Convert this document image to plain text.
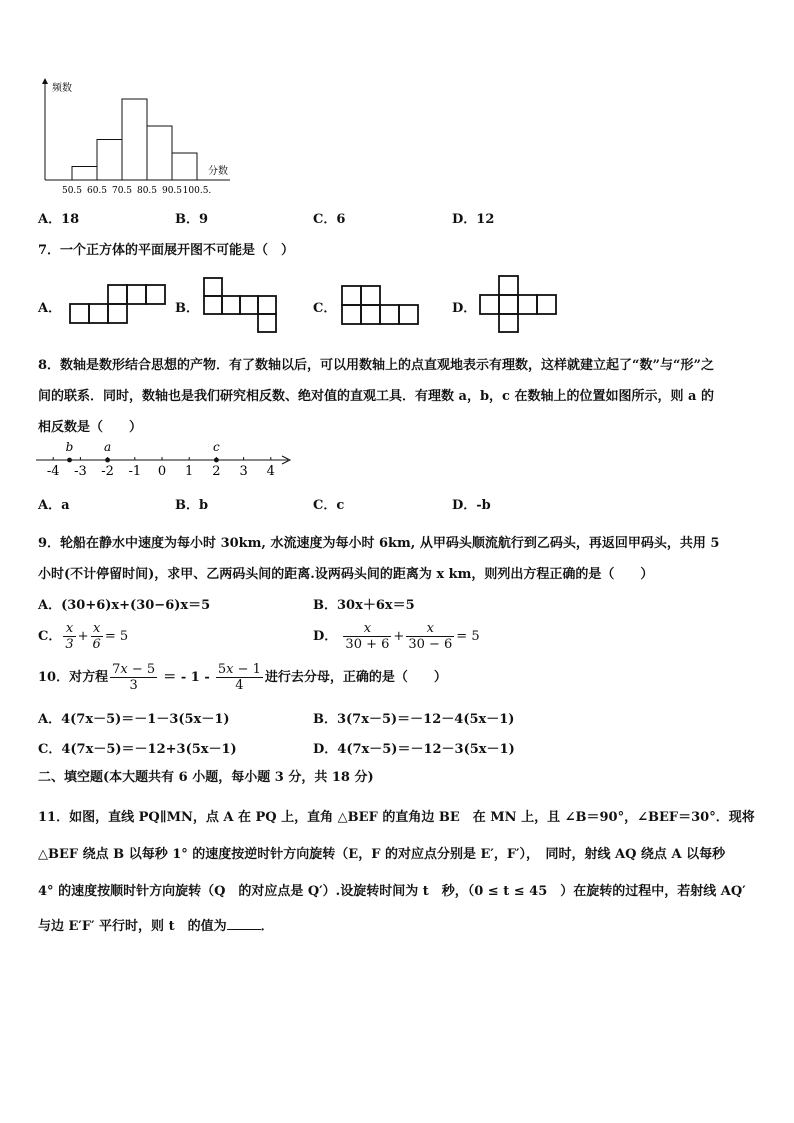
频数
分数
50.5 60.5 70.5 80.5 90.5 100.5.
A．18	B．9	C．6	D．12
7．一个正方体的平面展开图不可能是（　）
A．	B．	C．	D．
8．数轴是数形结合思想的产物．有了数轴以后，可以用数轴上的点直观地表示有理数，这样就建立起了“数”与“形”之
间的联系．同时，数轴也是我们研究相反数、绝对值的直观工具．有理数 a，b，c 在数轴上的位置如图所示，则 a 的
相反数是（　　）
-4 -3 -2 -1 0 1 2 3 4
b	a	c
A．a	B．b	C．c	D．-b
9．轮船在静水中速度为每小时 30km, 水流速度为每小时 6km, 从甲码头顺流航行到乙码头，再返回甲码头，共用 5
小时(不计停留时间)，求甲、乙两码头间的距离.设两码头间的距离为 x km，则列出方程正确的是（　　）
A．(30+6)x+(30−6)x＝5	B．30x＋6x＝5
C． $\frac{x}{3} + \frac{x}{6} = 5$	D． $\frac{x}{30 + 6} + \frac{x}{30 - 6} = 5$
10．对方程 $\frac{7x - 5}{3}$ ＝ - $1 - \frac{5x - 1}{4}$ 进行去分母，正确的是（　　）
A．4(7x－5)＝－1－3(5x－1)	B．3(7x－5)＝－12－4(5x－1)
C．4(7x－5)＝－12+3(5x－1)	D．4(7x－5)＝－12－3(5x－1)
二、填空题(本大题共有 6 小题，每小题 3 分，共 18 分)
11．如图，直线 PQ∥MN，点 A 在 PQ 上，直角 △BEF 的直角边 BE　在 MN 上，且 ∠B＝90°，∠BEF＝30°．现将
△BEF 绕点 B 以每秒 1° 的速度按逆时针方向旋转（E，F 的对应点分别是 E′，F′），　同时，射线 AQ 绕点 A 以每秒
4° 的速度按顺时针方向旋转（Q　的对应点是 Q′）.设旋转时间为 t　秒，（0 ≤ t ≤ 45　）在旋转的过程中，若射线 AQ′
与边 E′F′ 平行时，则 t　的值为	．
